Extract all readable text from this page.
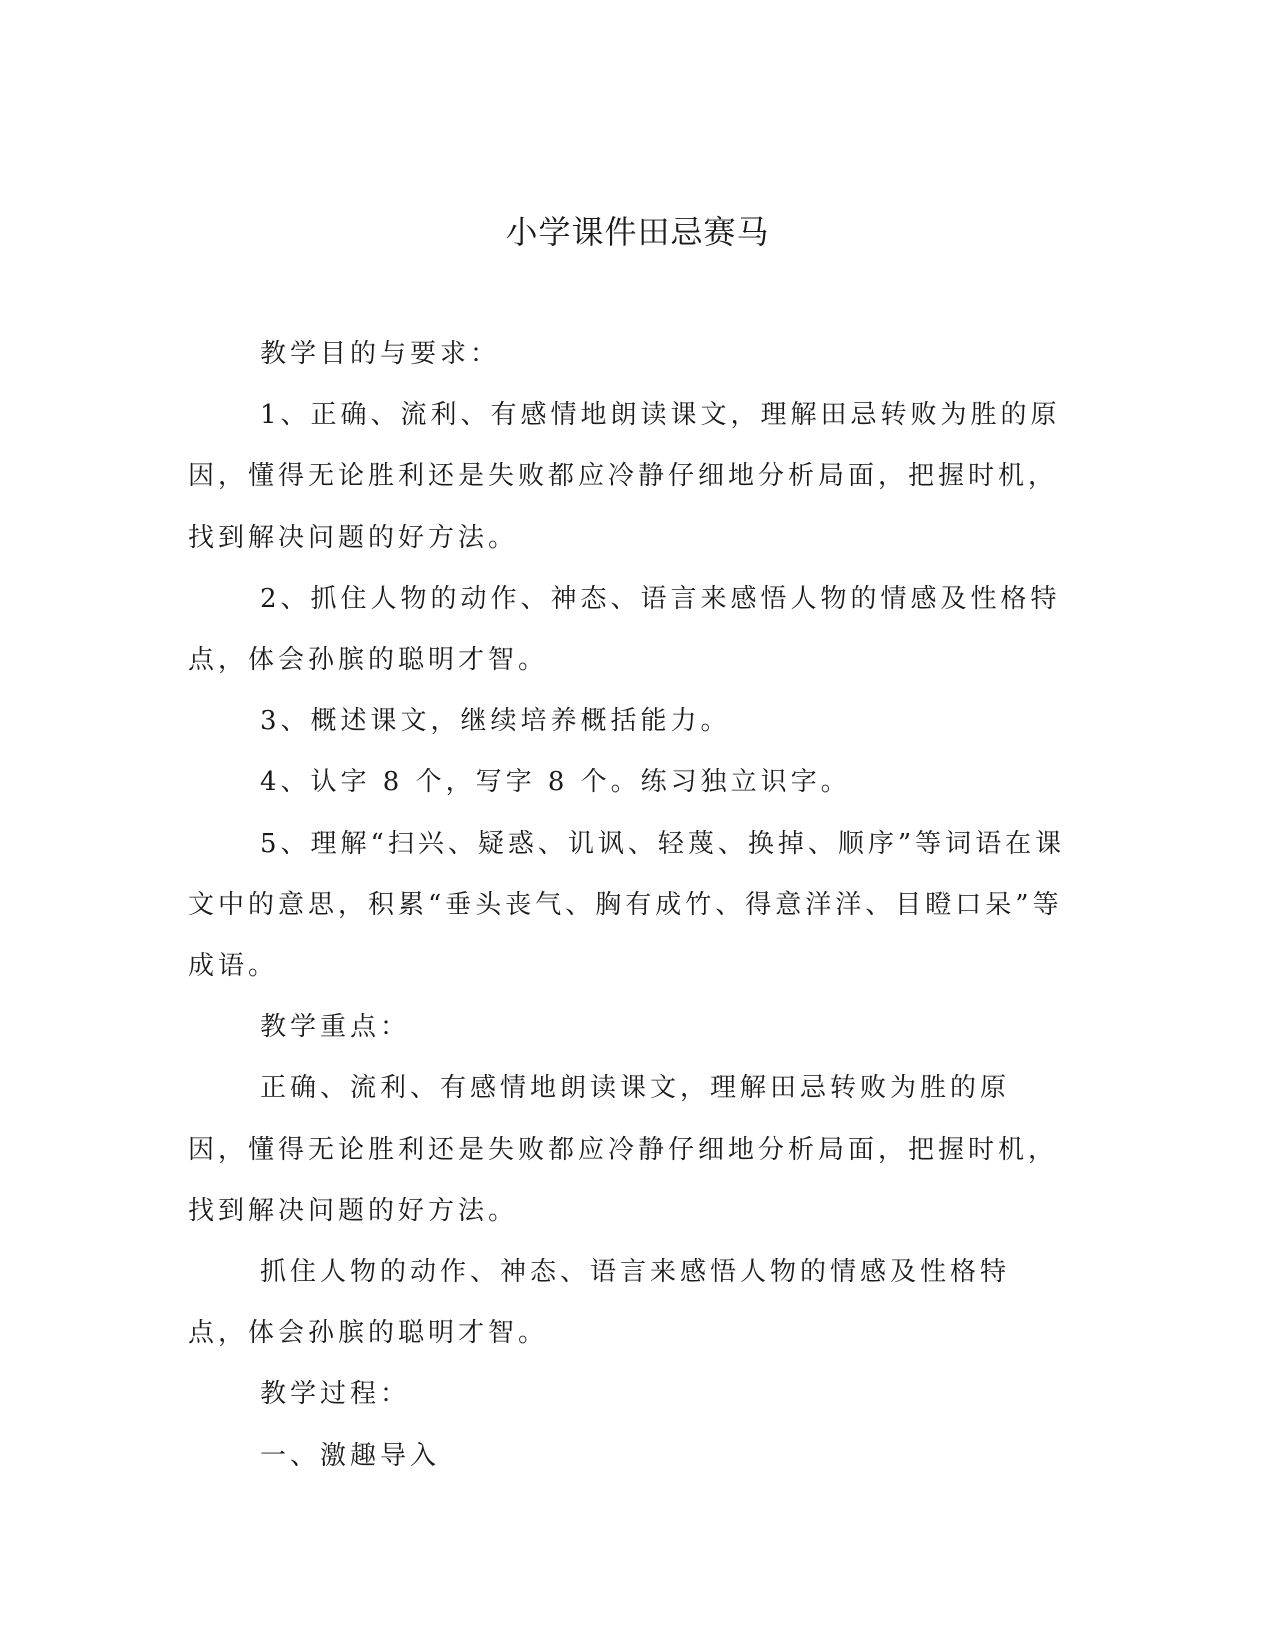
小学课件田忌赛马

教学目的与要求：

1、正确、流利、有感情地朗读课文，理解田忌转败为胜的原因，懂得无论胜利还是失败都应冷静仔细地分析局面，把握时机，找到解决问题的好方法。

2、抓住人物的动作、神态、语言来感悟人物的情感及性格特点，体会孙膑的聪明才智。

3、概述课文，继续培养概括能力。

4、认字 8 个，写字 8 个。练习独立识字。

5、理解“扫兴、疑惑、讥讽、轻蔑、换掉、顺序”等词语在课文中的意思，积累“垂头丧气、胸有成竹、得意洋洋、目瞪口呆”等成语。

教学重点：

正确、流利、有感情地朗读课文，理解田忌转败为胜的原因，懂得无论胜利还是失败都应冷静仔细地分析局面，把握时机，找到解决问题的好方法。

抓住人物的动作、神态、语言来感悟人物的情感及性格特点，体会孙膑的聪明才智。

教学过程：

一、激趣导入
